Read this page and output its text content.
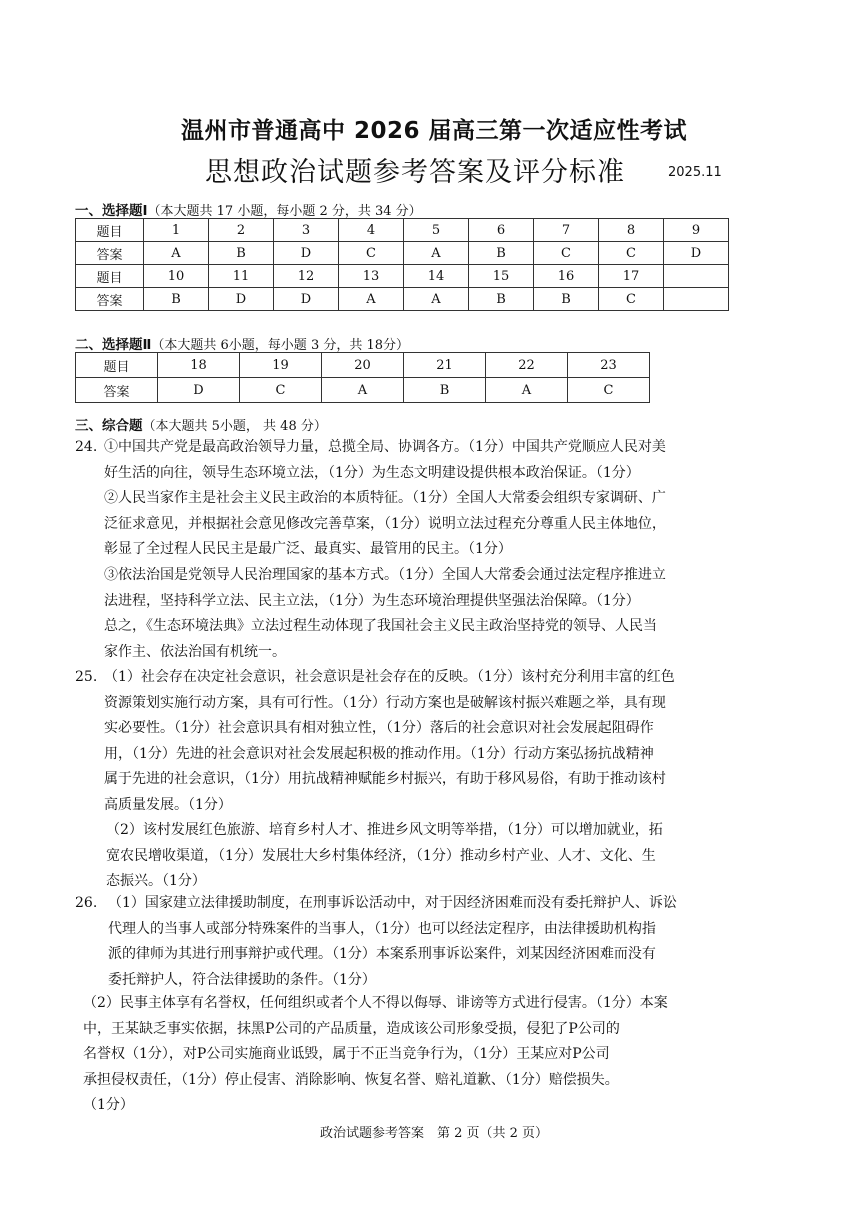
温州市普通高中 2026 届高三第一次适应性考试
思想政治试题参考答案及评分标准	2025.11
一、选择题Ⅰ（本大题共 17 小题，每小题 2 分，共 34 分）
题目	1	2	3	4	5	6	7	8	9
答案	A	B	D	C	A	B	C	C	D
题目	10	11	12	13	14	15	16	17	
答案	B	D	D	A	A	B	B	C	
二、选择题Ⅱ（本大题共 6小题，每小题 3 分，共 18分）
题目	18	19	20	21	22	23
答案	D	C	A	B	A	C
三、综合题（本大题共 5小题， 共 48 分）
24. ①中国共产党是最高政治领导力量，总揽全局、协调各方。（1分）中国共产党顺应人民对美

好生活的向往，领导生态环境立法，（1分）为生态文明建设提供根本政治保证。（1分）

②人民当家作主是社会主义民主政治的本质特征。（1分）全国人大常委会组织专家调研、广

泛征求意见，并根据社会意见修改完善草案，（1分）说明立法过程充分尊重人民主体地位，

彰显了全过程人民民主是最广泛、最真实、最管用的民主。（1分）

③依法治国是党领导人民治理国家的基本方式。（1分）全国人大常委会通过法定程序推进立

法进程，坚持科学立法、民主立法，（1分）为生态环境治理提供坚强法治保障。（1分）

总之，《生态环境法典》立法过程生动体现了我国社会主义民主政治坚持党的领导、人民当

家作主、依法治国有机统一。

25. （1）社会存在决定社会意识，社会意识是社会存在的反映。（1分）该村充分利用丰富的红色

资源策划实施行动方案，具有可行性。（1分）行动方案也是破解该村振兴难题之举，具有现

实必要性。（1分）社会意识具有相对独立性，（1分）落后的社会意识对社会发展起阻碍作

用，（1分）先进的社会意识对社会发展起积极的推动作用。（1分）行动方案弘扬抗战精神

属于先进的社会意识，（1分）用抗战精神赋能乡村振兴，有助于移风易俗，有助于推动该村

高质量发展。（1分）

（2）该村发展红色旅游、培育乡村人才、推进乡风文明等举措，（1分）可以增加就业，拓

宽农民增收渠道，（1分）发展壮大乡村集体经济，（1分）推动乡村产业、人才、文化、生

态振兴。（1分）

26. （1）国家建立法律援助制度，在刑事诉讼活动中，对于因经济困难而没有委托辩护人、诉讼

代理人的当事人或部分特殊案件的当事人，（1分）也可以经法定程序，由法律援助机构指

派的律师为其进行刑事辩护或代理。（1分）本案系刑事诉讼案件，刘某因经济困难而没有

委托辩护人，符合法律援助的条件。（1分）

（2）民事主体享有名誉权，任何组织或者个人不得以侮辱、诽谤等方式进行侵害。（1分）本案

中，王某缺乏事实依据，抹黑P公司的产品质量，造成该公司形象受损，侵犯了P公司的

名誉权（1分），对P公司实施商业诋毁，属于不正当竞争行为，（1分）王某应对P公司

承担侵权责任，（1分）停止侵害、消除影响、恢复名誉、赔礼道歉、（1分）赔偿损失。

（1分）

政治试题参考答案　第 2 页（共 2 页）
